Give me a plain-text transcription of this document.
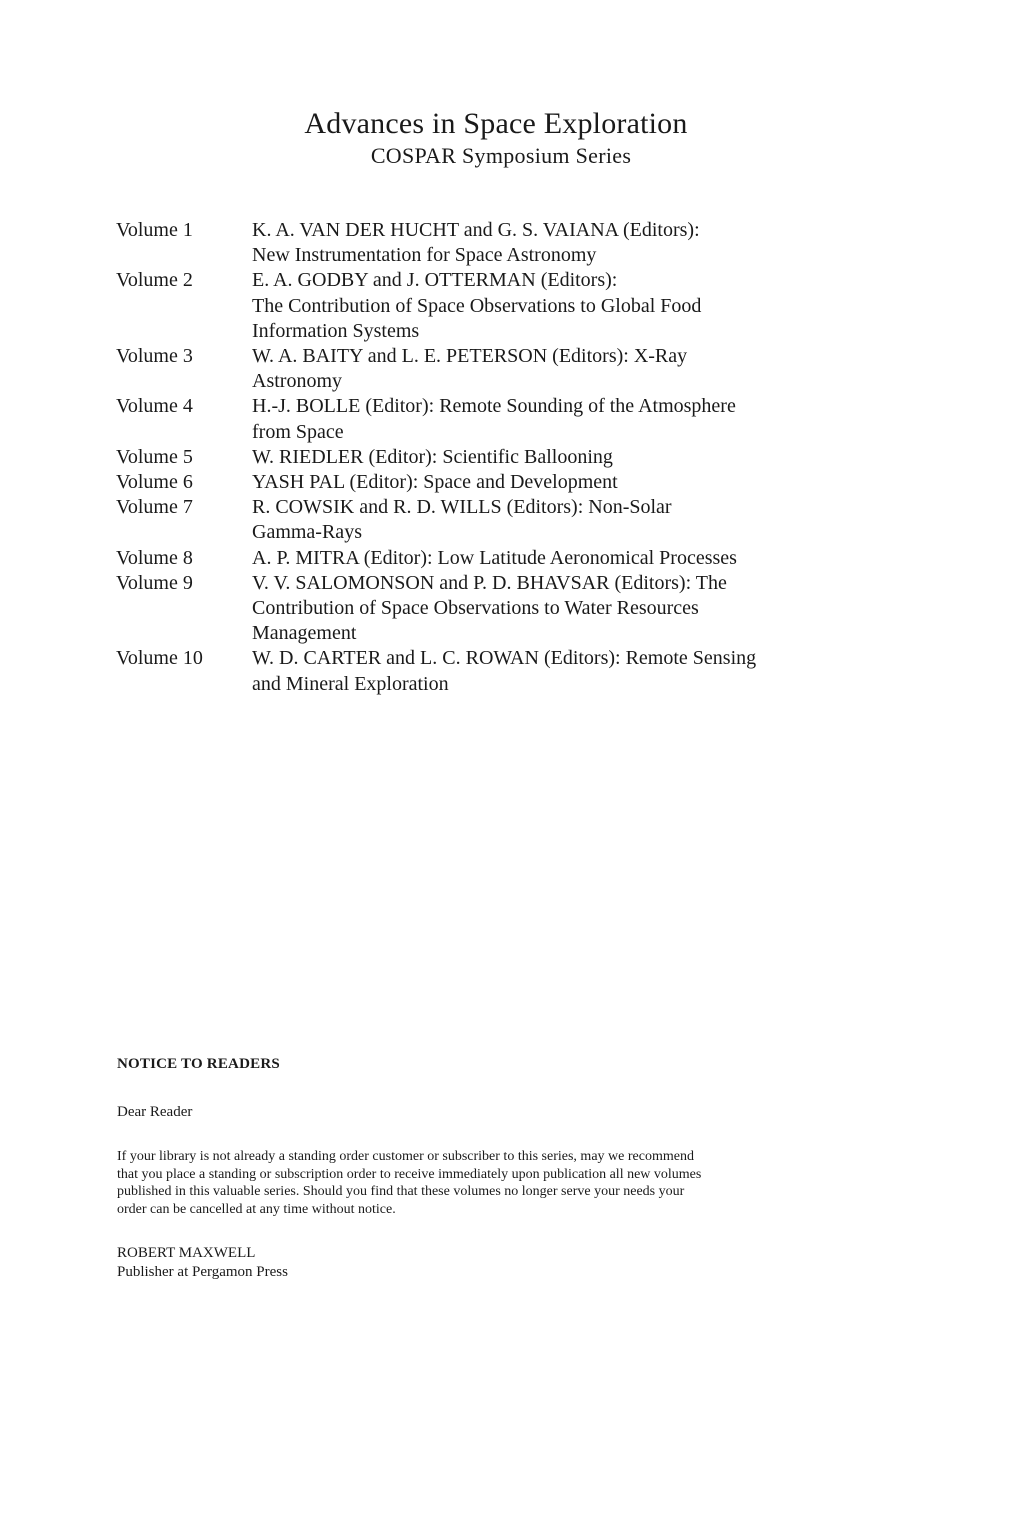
Advances in Space Exploration
COSPAR Symposium Series
Volume 1	K. A. VAN DER HUCHT and G. S. VAIANA (Editors):
New Instrumentation for Space Astronomy
Volume 2	E. A. GODBY and J. OTTERMAN (Editors):
The Contribution of Space Observations to Global Food
Information Systems
Volume 3	W. A. BAITY and L. E. PETERSON (Editors): X-Ray
Astronomy
Volume 4	H.-J. BOLLE (Editor): Remote Sounding of the Atmosphere
from Space
Volume 5	W. RIEDLER (Editor): Scientific Ballooning
Volume 6	YASH PAL (Editor): Space and Development
Volume 7	R. COWSIK and R. D. WILLS (Editors): Non-Solar
Gamma-Rays
Volume 8	A. P. MITRA (Editor): Low Latitude Aeronomical Processes
Volume 9	V. V. SALOMONSON and P. D. BHAVSAR (Editors): The
Contribution of Space Observations to Water Resources
Management
Volume 10	W. D. CARTER and L. C. ROWAN (Editors): Remote Sensing
and Mineral Exploration
NOTICE TO READERS
Dear Reader
If your library is not already a standing order customer or subscriber to this series, may we recommend
that you place a standing or subscription order to receive immediately upon publication all new volumes
published in this valuable series. Should you find that these volumes no longer serve your needs your
order can be cancelled at any time without notice.
ROBERT MAXWELL
Publisher at Pergamon Press
